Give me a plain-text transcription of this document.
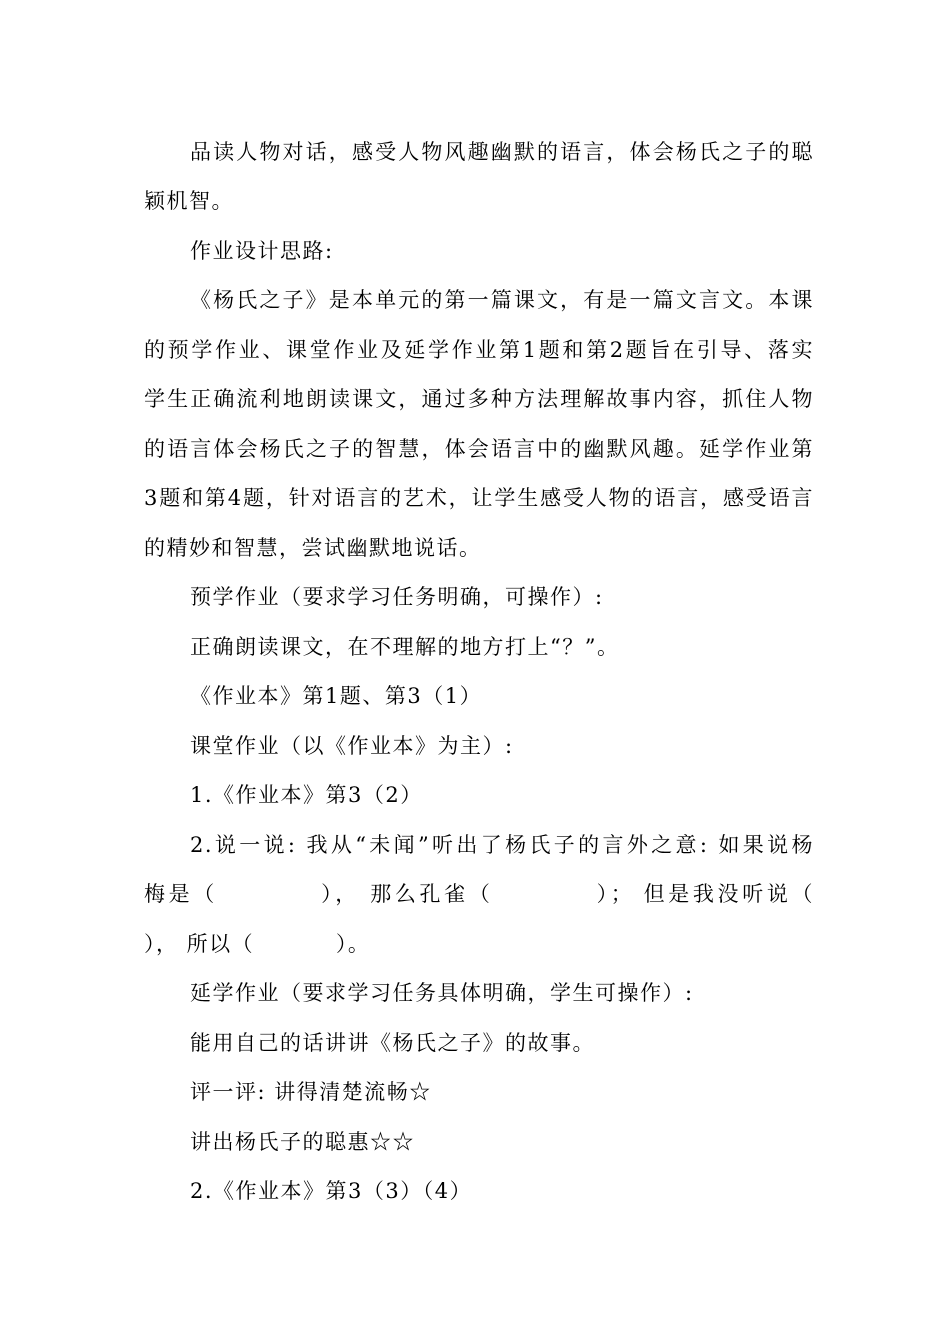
品读人物对话，感受人物风趣幽默的语言，体会杨氏之子的聪
颖机智。
作业设计思路:
《杨氏之子》是本单元的第一篇课文，有是一篇文言文。本课
的预学作业、课堂作业及延学作业第1题和第2题旨在引导、落实
学生正确流利地朗读课文，通过多种方法理解故事内容，抓住人物
的语言体会杨氏之子的智慧，体会语言中的幽默风趣。延学作业第
3题和第4题，针对语言的艺术，让学生感受人物的语言，感受语言
的精妙和智慧，尝试幽默地说话。
预学作业（要求学习任务明确，可操作）:
正确朗读课文，在不理解的地方打上“？”。
《作业本》第1题、第3（1）
课堂作业（以《作业本》为主）:
1.《作业本》第3（2）
2.说一说: 我从“未闻”听出了杨氏子的言外之意: 如果说杨
梅是（          ）， 那么孔雀（          ）； 但是我没听说（
）， 所以（          ）。
延学作业（要求学习任务具体明确，学生可操作）:
能用自己的话讲讲《杨氏之子》的故事。
评一评: 讲得清楚流畅☆
讲出杨氏子的聪惠☆☆
2.《作业本》第3（3）（4）
